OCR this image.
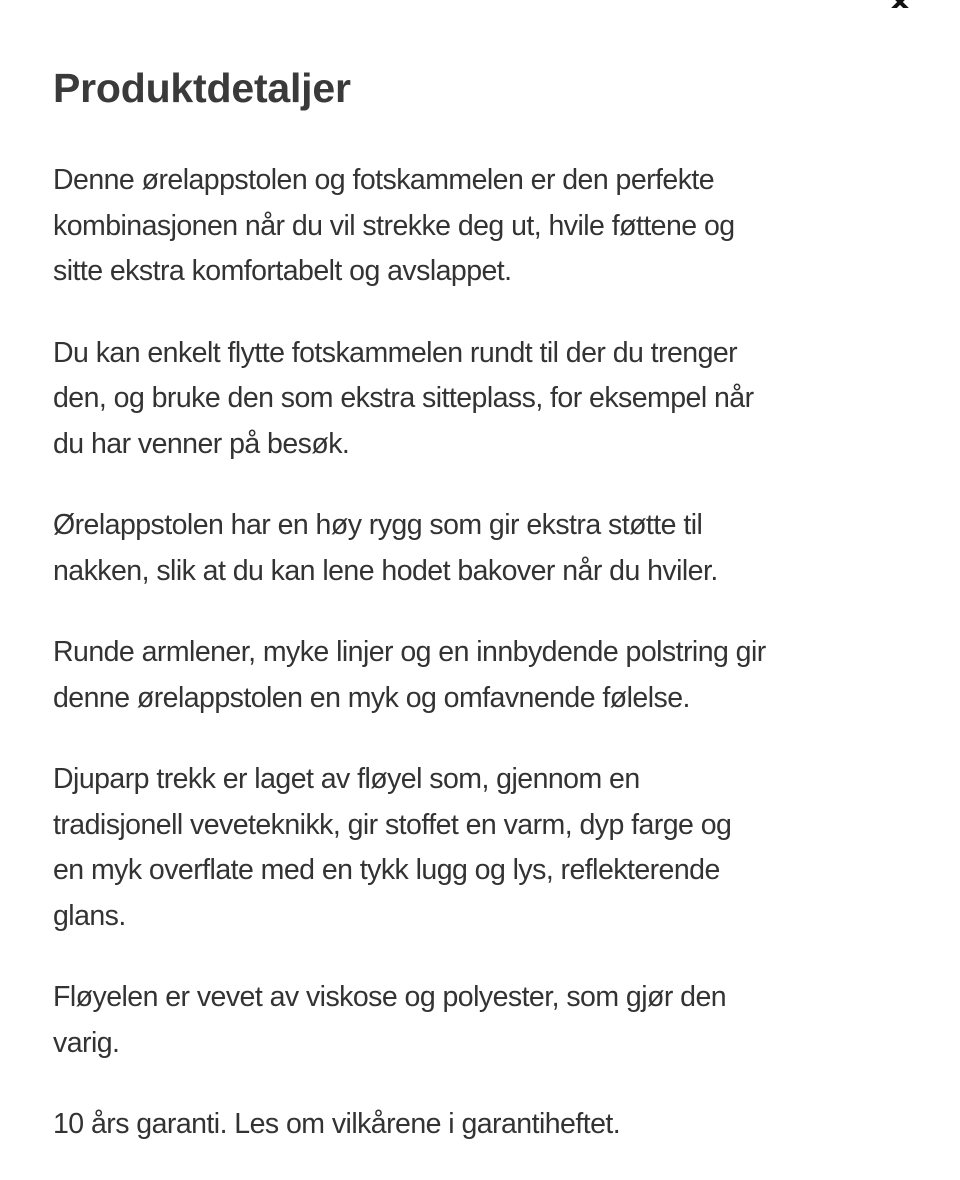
Produktdetaljer

Denne ørelappstolen og fotskammelen er den perfekte
kombinasjonen når du vil strekke deg ut, hvile føttene og
sitte ekstra komfortabelt og avslappet.

Du kan enkelt flytte fotskammelen rundt til der du trenger
den, og bruke den som ekstra sitteplass, for eksempel når
du har venner på besøk.

Ørelappstolen har en høy rygg som gir ekstra støtte til
nakken, slik at du kan lene hodet bakover når du hviler.

Runde armlener, myke linjer og en innbydende polstring gir
denne ørelappstolen en myk og omfavnende følelse.

Djuparp trekk er laget av fløyel som, gjennom en
tradisjonell veveteknikk, gir stoffet en varm, dyp farge og
en myk overflate med en tykk lugg og lys, reflekterende
glans.

Fløyelen er vevet av viskose og polyester, som gjør den
varig.

10 års garanti. Les om vilkårene i garantiheftet.
